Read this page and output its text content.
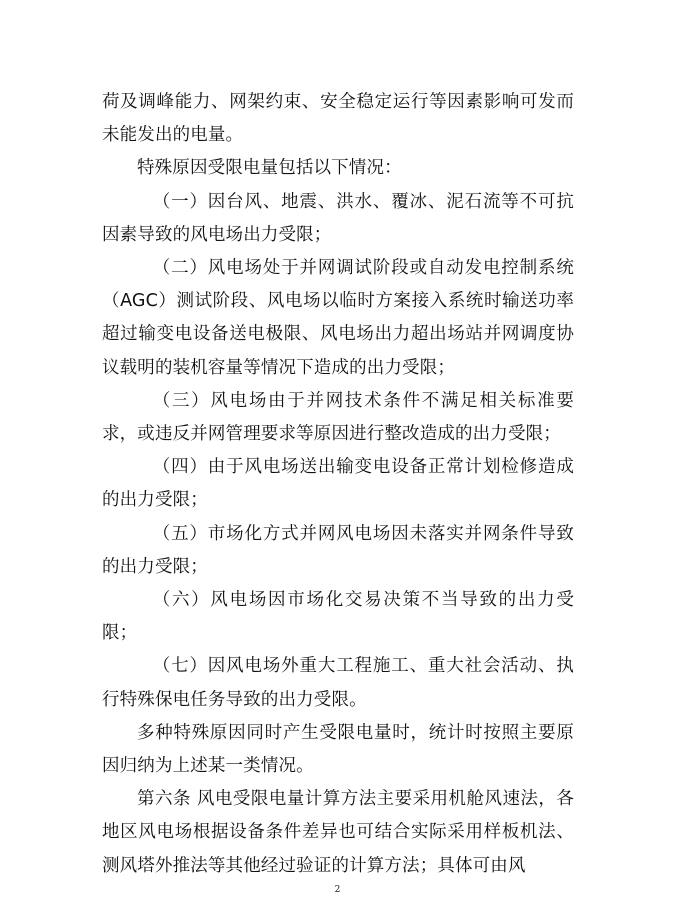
荷及调峰能力、网架约束、安全稳定运行等因素影响可发而未能发出的电量。

特殊原因受限电量包括以下情况：

（一）因台风、地震、洪水、覆冰、泥石流等不可抗因素导致的风电场出力受限；

（二）风电场处于并网调试阶段或自动发电控制系统（AGC）测试阶段、风电场以临时方案接入系统时输送功率超过输变电设备送电极限、风电场出力超出场站并网调度协议载明的装机容量等情况下造成的出力受限；

（三）风电场由于并网技术条件不满足相关标准要求，或违反并网管理要求等原因进行整改造成的出力受限；

（四）由于风电场送出输变电设备正常计划检修造成的出力受限；

（五）市场化方式并网风电场因未落实并网条件导致的出力受限；

（六）风电场因市场化交易决策不当导致的出力受限；

（七）因风电场外重大工程施工、重大社会活动、执行特殊保电任务导致的出力受限。

多种特殊原因同时产生受限电量时，统计时按照主要原因归纳为上述某一类情况。

第六条 风电受限电量计算方法主要采用机舱风速法，各地区风电场根据设备条件差异也可结合实际采用样板机法、测风塔外推法等其他经过验证的计算方法；具体可由风

2
